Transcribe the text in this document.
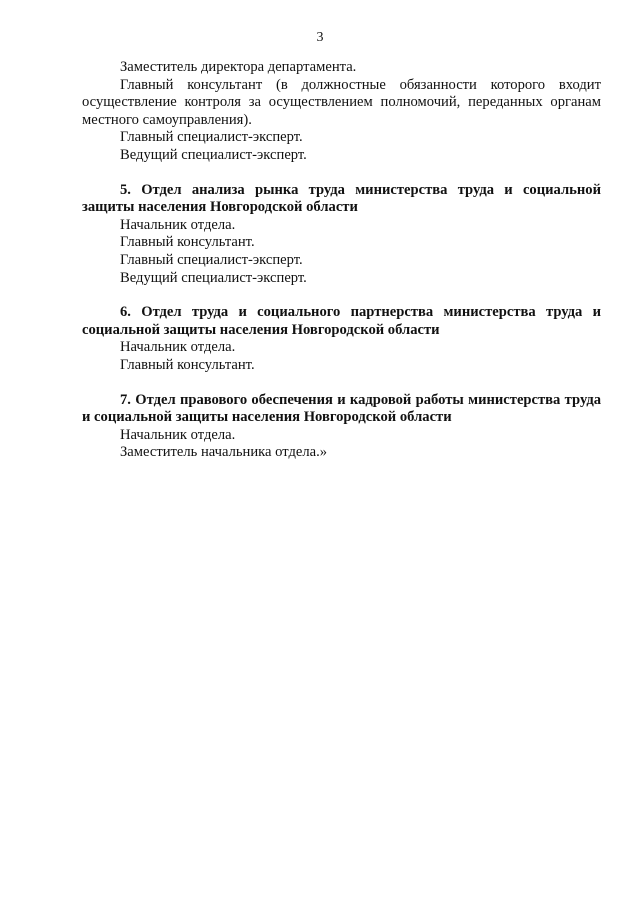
3

Заместитель директора департамента.

Главный консультант (в должностные обязанности которого входит осуществление контроля за осуществлением полномочий, переданных органам местного самоуправления).

Главный специалист-эксперт.

Ведущий специалист-эксперт.

5. Отдел анализа рынка труда министерства труда и социальной защиты населения Новгородской области

Начальник отдела.

Главный консультант.

Главный специалист-эксперт.

Ведущий специалист-эксперт.

6. Отдел труда и социального партнерства министерства труда и социальной защиты населения Новгородской области

Начальник отдела.

Главный консультант.

7. Отдел правового обеспечения и кадровой работы министерства труда и социальной защиты населения Новгородской области

Начальник отдела.

Заместитель начальника отдела.»
